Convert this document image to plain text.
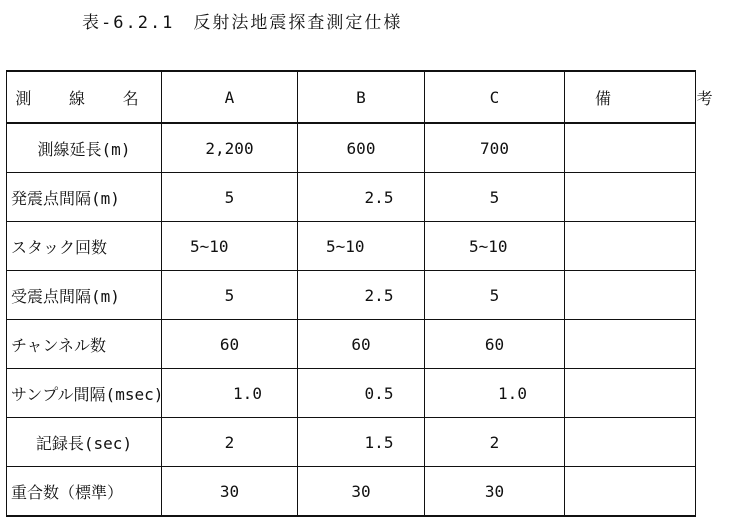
表-6.2.1　反射法地震探査測定仕様
測 線 名	A	B	C	備 考
測線延長(m)	2,200	600	700	
発震点間隔(m)	5	2.5	5	
スタック回数	5~10	5~10	5~10	
受震点間隔(m)	5	2.5	5	
チャンネル数	60	60	60	
サンプル間隔(msec)	1.0	0.5	1.0	
記録長(sec)	2	1.5	2	
重合数（標準）	30	30	30	
